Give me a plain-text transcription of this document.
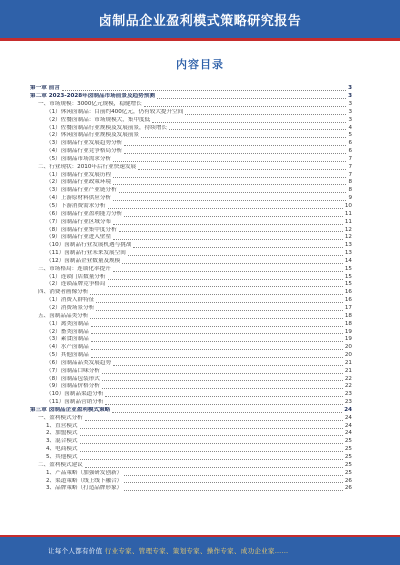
卤制品企业盈利模式策略研究报告
内容目录
第一章 前言	3
第二章 2023-2028年卤制品市场前景及趋势预测	3
一、市场规模：3000亿元规模，稳健增长	3
（1）休闲卤制品：目前约400亿元，仍有较大提升空间	3
（2）佐餐卤制品：市场规模大，集中度低	3
（1）佐餐卤制品行业规模及发展前景，持续增长	4
（2）休闲卤制品行业规模及发展前景	5
（3）卤制品行业发展趋势分析	6
（4）卤制品行业竞争格局分析	6
（5）卤制品市场需求分析	7
二、行业现状：2010年后行业快速发展	7
（1）卤制品行业发展历程	7
（2）卤制品行业政策环境	8
（3）卤制品行业产业链分析	8
（4）上游原材料供应分析	9
（5）下游消费需求分析	10
（6）卤制品行业盈利能力分析	11
（7）卤制品行业区域分布	11
（8）卤制品行业集中度分析	12
（9）卤制品行业进入壁垒	12
（10）卤制品行业发展机遇与挑战	13
（11）卤制品行业未来发展空间	13
（12）卤制品企业数量及规模	14
三、市场格局：连锁化率提升	15
（1）连锁门店数量分析	15
（2）连锁品牌竞争格局	15
四、消费者画像分析	16
（1）消费人群特征	16
（2）消费场景分析	17
五、卤制品品类分析	18
（1）禽类卤制品	18
（2）畜类卤制品	19
（3）素食卤制品	19
（4）水产卤制品	20
（5）其他卤制品	20
（6）卤制品品类发展趋势	21
（7）卤制品口味分析	21
（8）卤制品包装形式	22
（9）卤制品价格分析	22
（10）卤制品渠道分析	23
（11）卤制品营销分析	23
第三章 卤制品企业盈利模式策略	24
一、盈利模式分析	24
1、直营模式	24
2、加盟模式	24
3、混合模式	25
4、电商模式	25
5、其他模式	25
二、盈利模式建议	25
1、产品策略（加强研发创新）	25
2、渠道策略（线上线下融合）	26
3、品牌策略（打造品牌形象）	26
让每个人都有价值 行业专家、管理专家、策划专家、操作专家、成功企业家……
